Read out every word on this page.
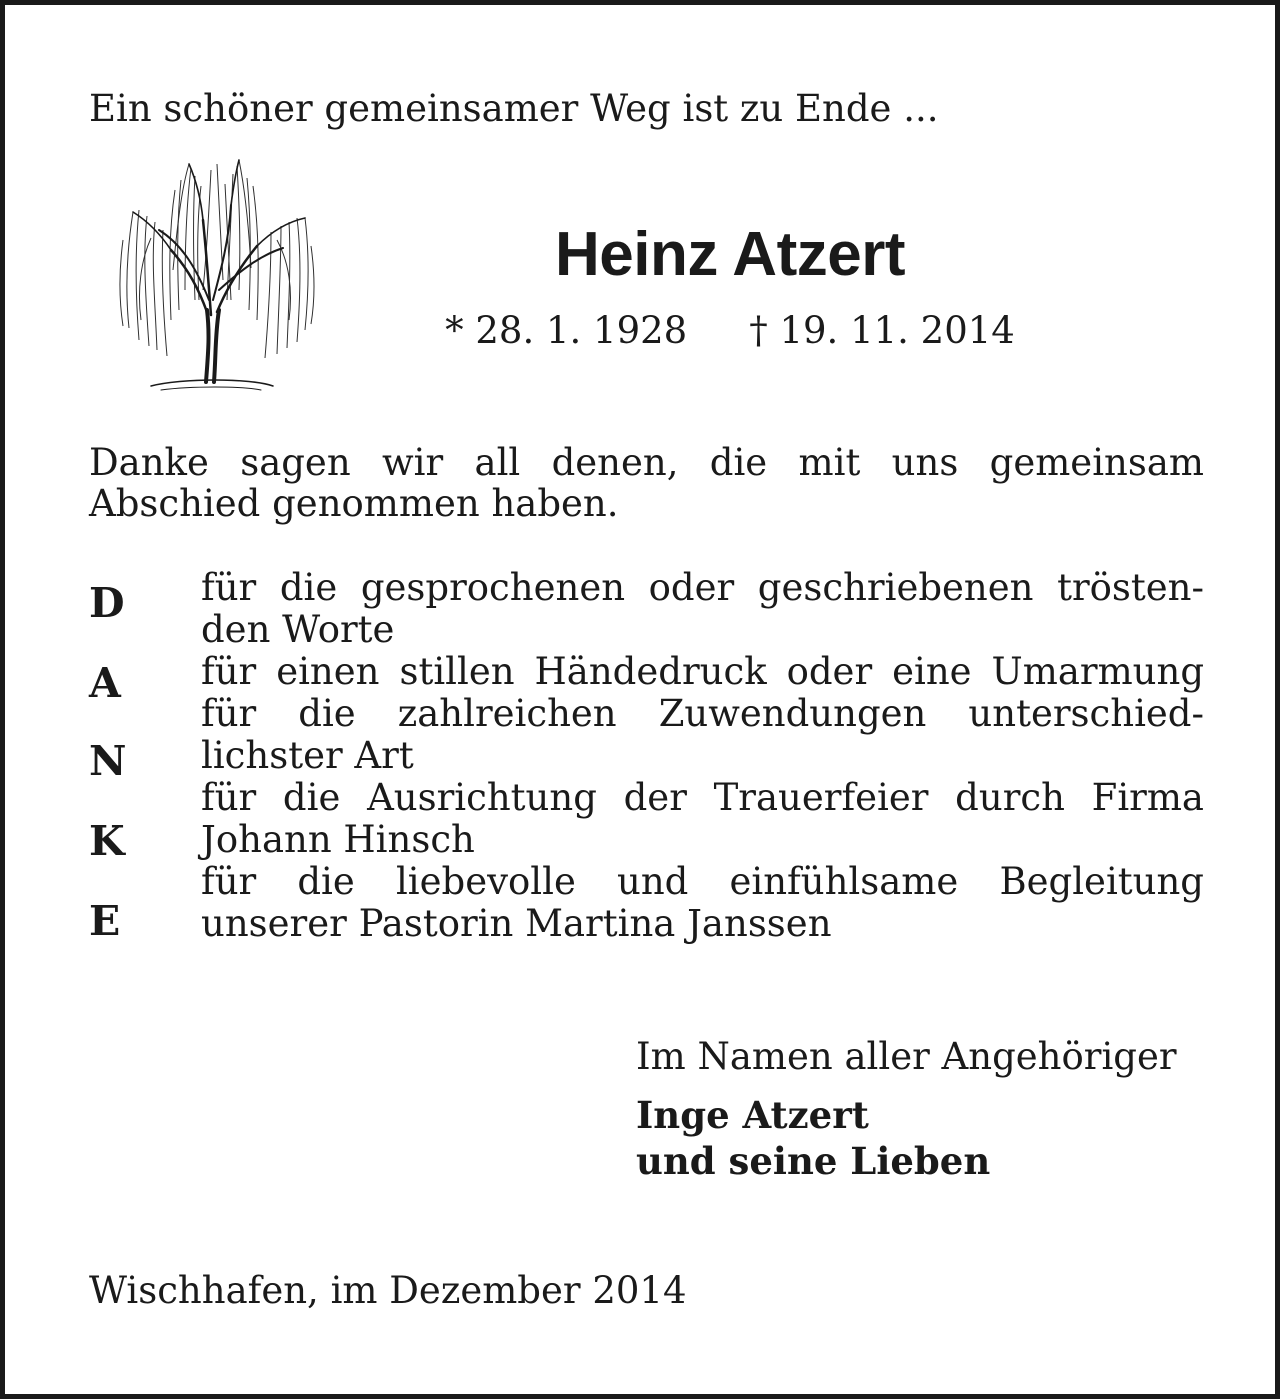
Ein schöner gemeinsamer Weg ist zu Ende ...
Heinz Atzert
* 28. 1. 1928 † 19. 11. 2014
Danke sagen wir all denen, die mit uns gemeinsam Abschied genommen haben.
D
A
N
K
E
für die gesprochenen oder geschriebenen trösten-
den Worte
für einen stillen Händedruck oder eine Umarmung
für die zahlreichen Zuwendungen unterschied-
lichster Art
für die Ausrichtung der Trauerfeier durch Firma
Johann Hinsch
für die liebevolle und einfühlsame Begleitung
unserer Pastorin Martina Janssen
Im Namen aller Angehöriger
Inge Atzert
und seine Lieben
Wischhafen, im Dezember 2014
